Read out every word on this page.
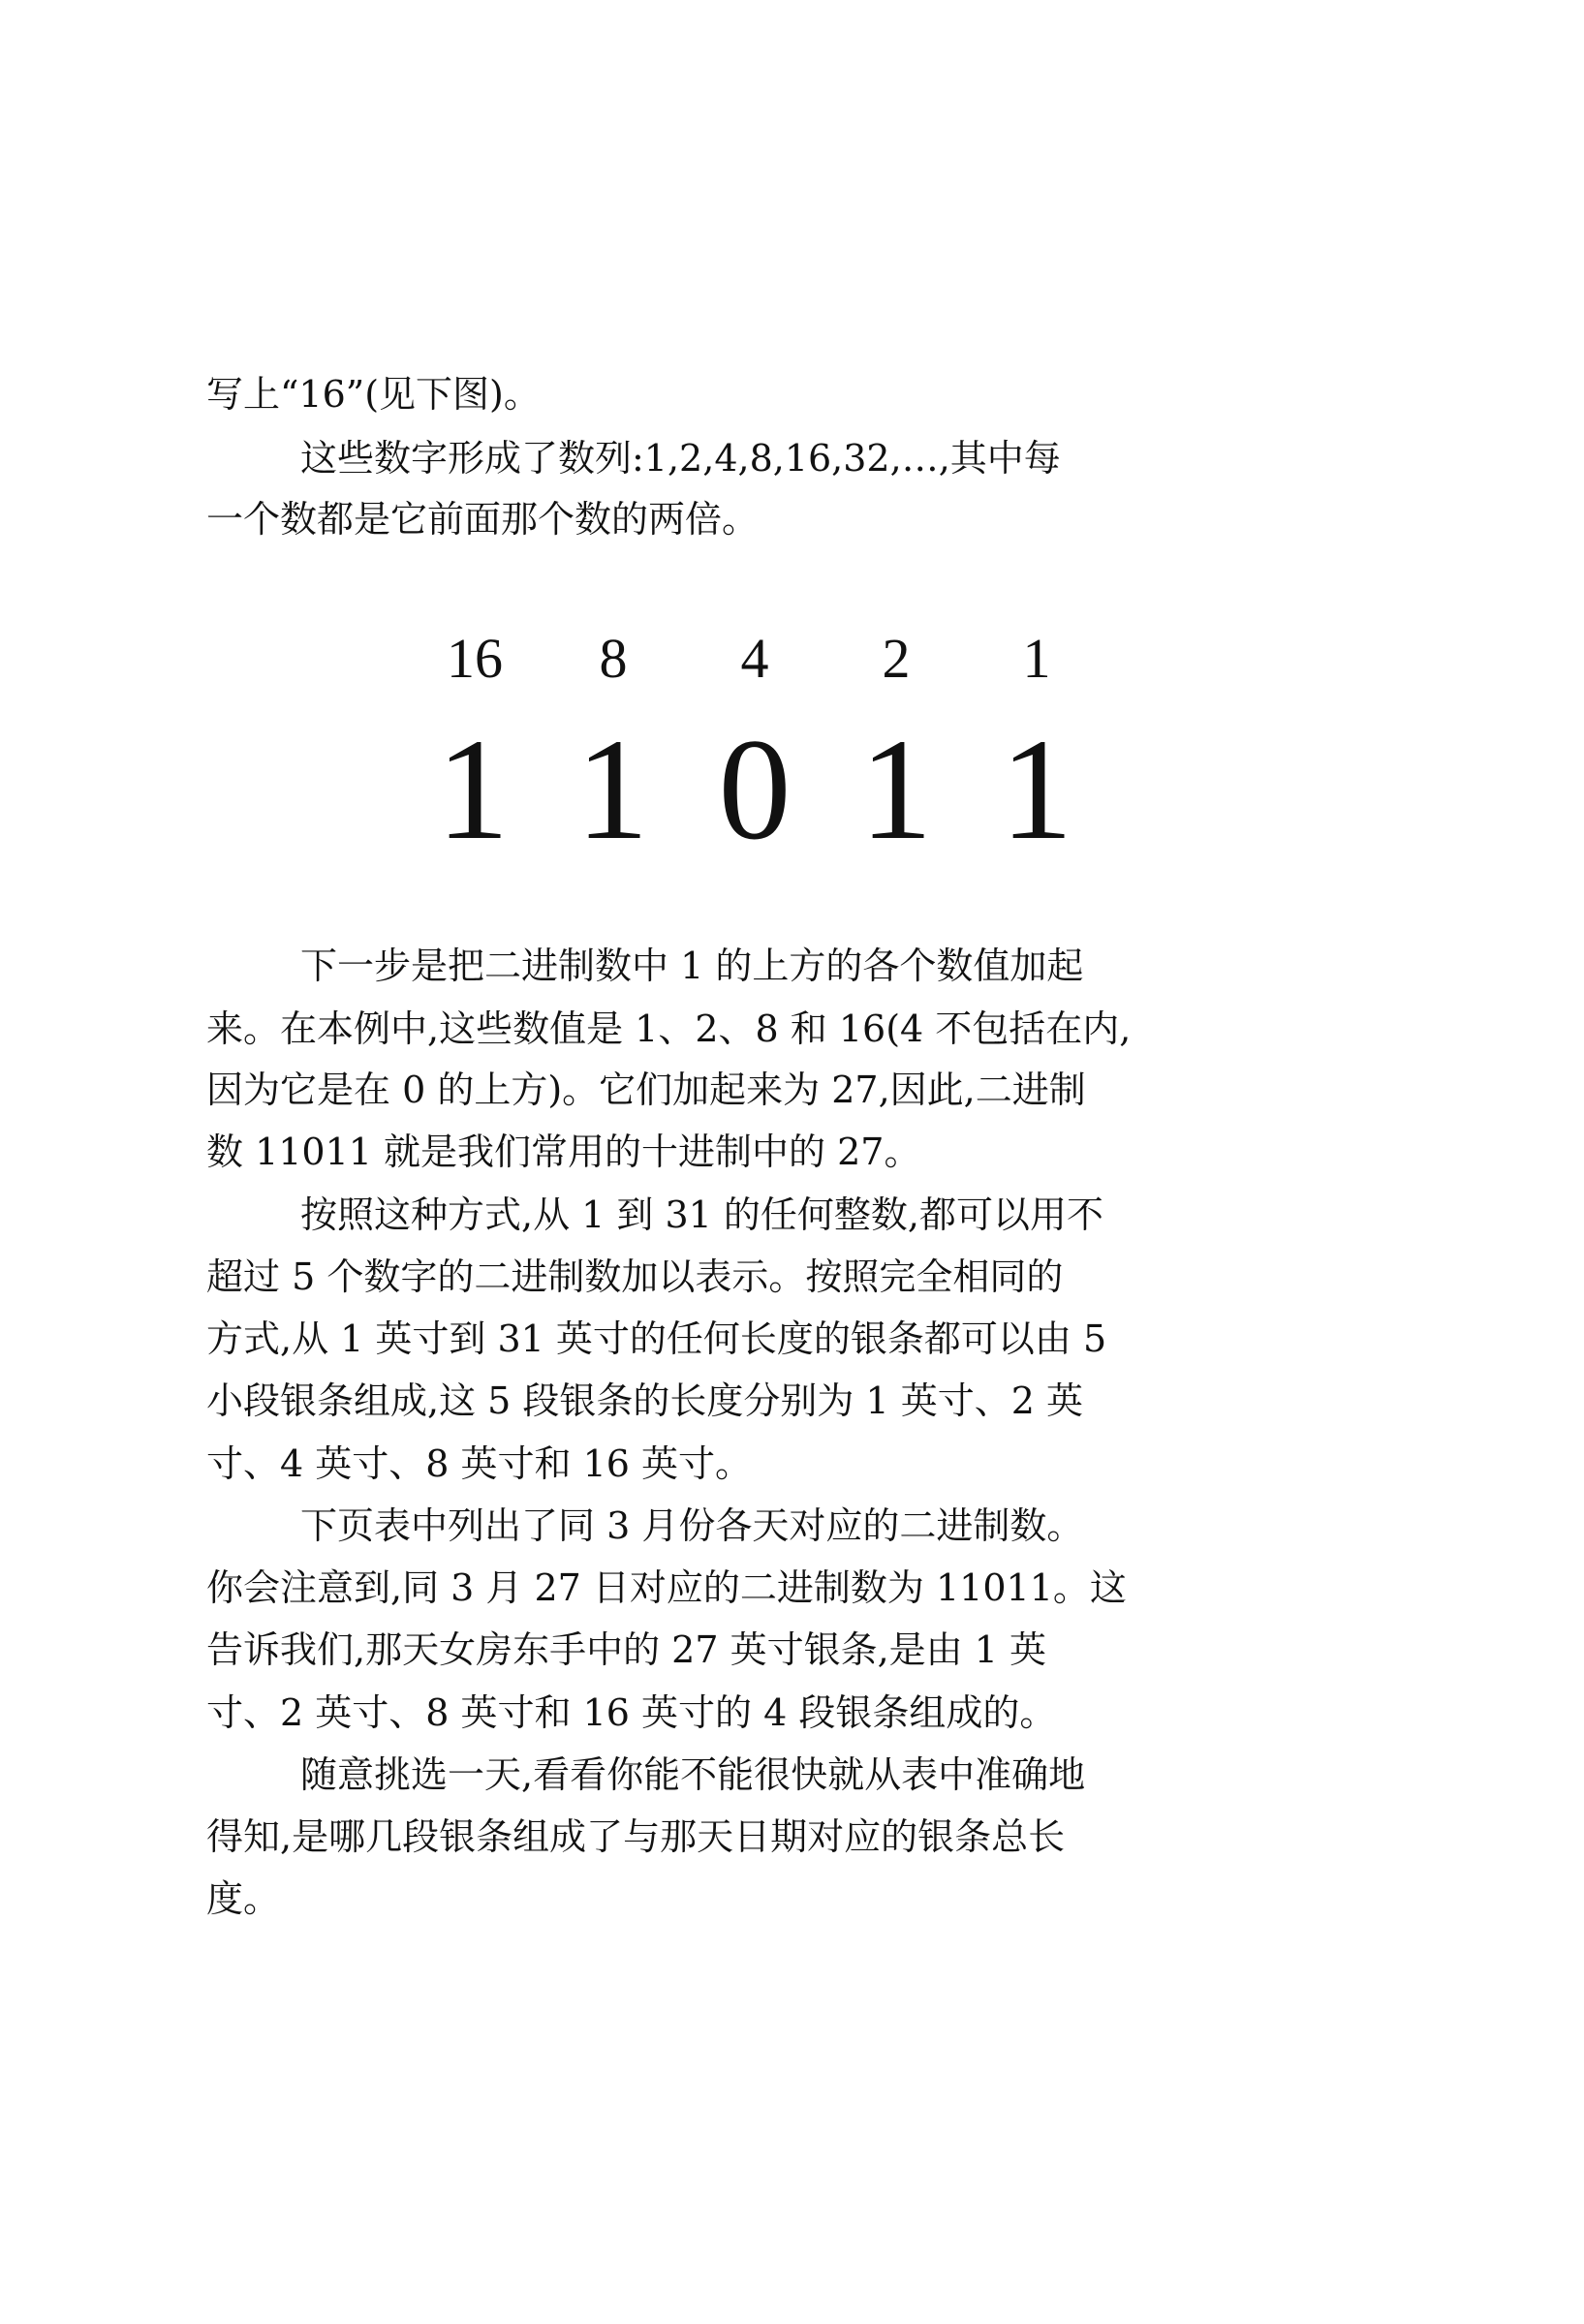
写上“16”(见下图)。
这些数字形成了数列:1,2,4,8,16,32,…,其中每
一个数都是它前面那个数的两倍。
16	8	4	2	1
1 1 0 1 1
下一步是把二进制数中 1 的上方的各个数值加起
来。在本例中,这些数值是 1、2、8 和 16(4 不包括在内,
因为它是在 0 的上方)。它们加起来为 27,因此,二进制
数 11011 就是我们常用的十进制中的 27。
按照这种方式,从 1 到 31 的任何整数,都可以用不
超过 5 个数字的二进制数加以表示。按照完全相同的
方式,从 1 英寸到 31 英寸的任何长度的银条都可以由 5
小段银条组成,这 5 段银条的长度分别为 1 英寸、2 英
寸、4 英寸、8 英寸和 16 英寸。
下页表中列出了同 3 月份各天对应的二进制数。
你会注意到,同 3 月 27 日对应的二进制数为 11011。这
告诉我们,那天女房东手中的 27 英寸银条,是由 1 英
寸、2 英寸、8 英寸和 16 英寸的 4 段银条组成的。
随意挑选一天,看看你能不能很快就从表中准确地
得知,是哪几段银条组成了与那天日期对应的银条总长
度。
